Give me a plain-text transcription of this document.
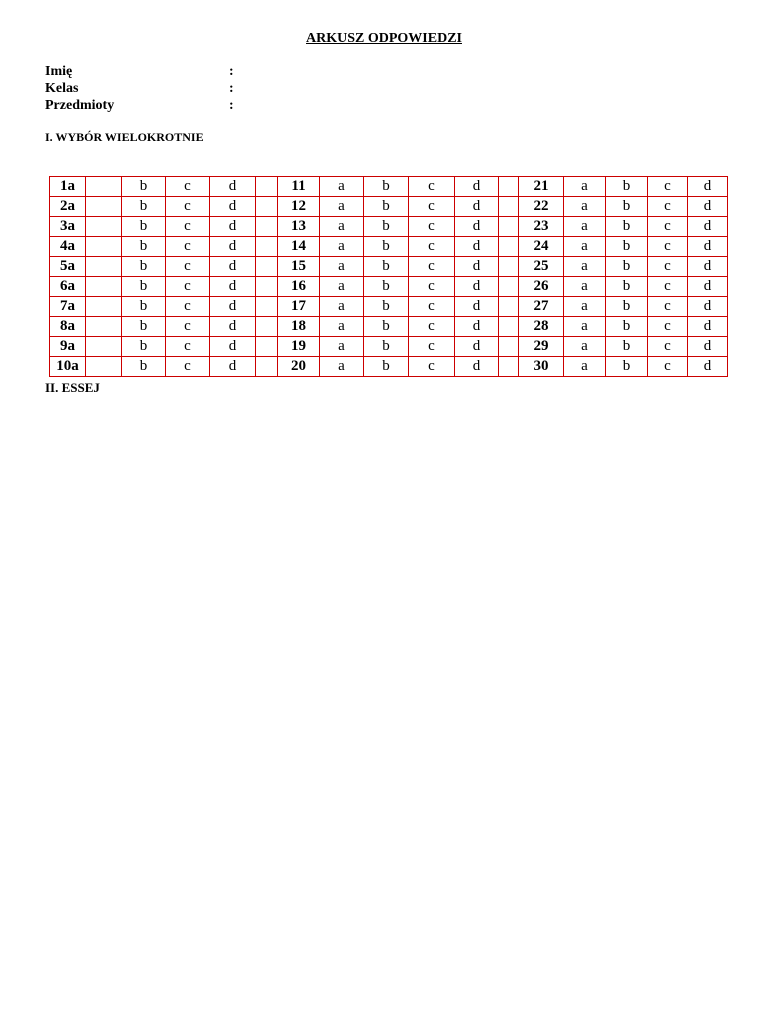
ARKUSZ ODPOWIEDZI
Imię	:
Kelas	:
Przedmioty	:
I. WYBÓR WIELOKROTNIE
1a		b	c	d		11	a	b	c	d		21	a	b	c	d
2a		b	c	d		12	a	b	c	d		22	a	b	c	d
3a		b	c	d		13	a	b	c	d		23	a	b	c	d
4a		b	c	d		14	a	b	c	d		24	a	b	c	d
5a		b	c	d		15	a	b	c	d		25	a	b	c	d
6a		b	c	d		16	a	b	c	d		26	a	b	c	d
7a		b	c	d		17	a	b	c	d		27	a	b	c	d
8a		b	c	d		18	a	b	c	d		28	a	b	c	d
9a		b	c	d		19	a	b	c	d		29	a	b	c	d
10a		b	c	d		20	a	b	c	d		30	a	b	c	d
II. ESSEJ
